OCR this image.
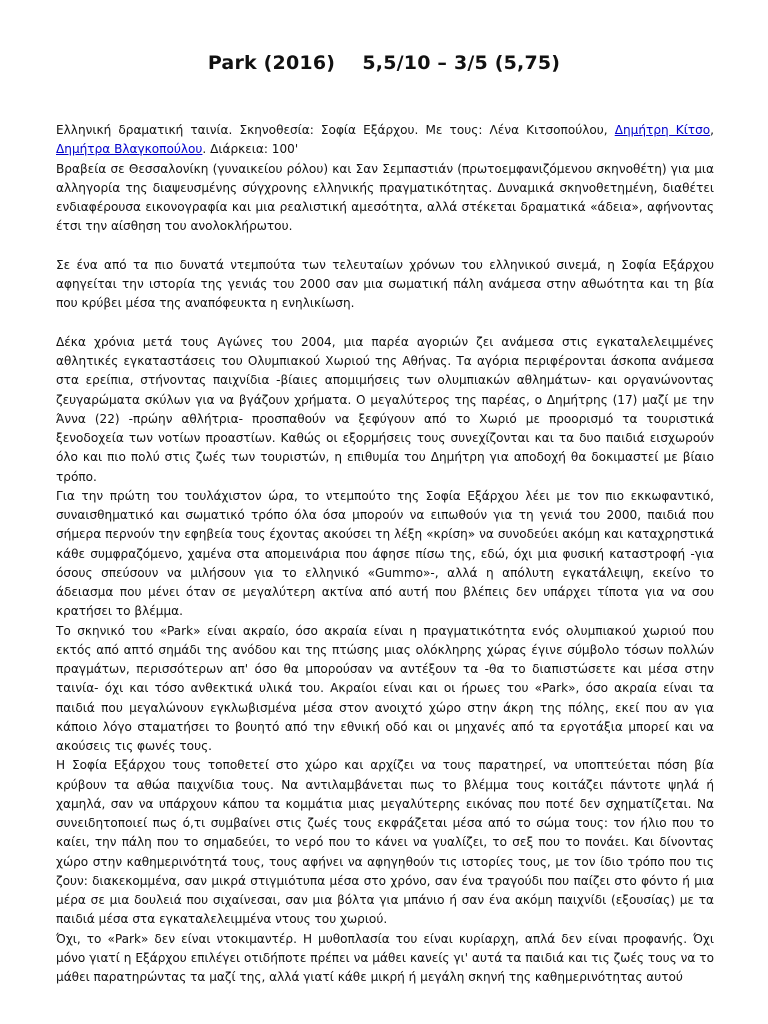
Park (2016)    5,5/10 – 3/5 (5,75)

Ελληνική δραματική ταινία. Σκηνοθεσία: Σοφία Εξάρχου. Με τους: Λένα Κιτσοπούλου, Δημήτρη Κίτσο, Δημήτρα Βλαγκοπούλου. Διάρκεια: 100'

Βραβεία σε Θεσσαλονίκη (γυναικείου ρόλου) και Σαν Σεμπαστιάν (πρωτοεμφανιζόμενου σκηνοθέτη) για μια αλληγορία της διαψευσμένης σύγχρονης ελληνικής πραγματικότητας. Δυναμικά σκηνοθετημένη, διαθέτει ενδιαφέρουσα εικονογραφία και μια ρεαλιστική αμεσότητα, αλλά στέκεται δραματικά «άδεια», αφήνοντας έτσι την αίσθηση του ανολοκλήρωτου.

Σε ένα από τα πιο δυνατά ντεμπούτα των τελευταίων χρόνων του ελληνικού σινεμά, η Σοφία Εξάρχου αφηγείται την ιστορία της γενιάς του 2000 σαν μια σωματική πάλη ανάμεσα στην αθωότητα και τη βία που κρύβει μέσα της αναπόφευκτα η ενηλικίωση.

Δέκα χρόνια μετά τους Αγώνες του 2004, μια παρέα αγοριών ζει ανάμεσα στις εγκαταλελειμμένες αθλητικές εγκαταστάσεις του Ολυμπιακού Χωριού της Αθήνας. Τα αγόρια περιφέρονται άσκοπα ανάμεσα στα ερείπια, στήνοντας παιχνίδια -βίαιες απομιμήσεις των ολυμπιακών αθλημάτων- και οργανώνοντας ζευγαρώματα σκύλων για να βγάζουν χρήματα. Ο μεγαλύτερος της παρέας, ο Δημήτρης (17) μαζί με την Άννα (22) -πρώην αθλήτρια- προσπαθούν να ξεφύγουν από το Χωριό με προορισμό τα τουριστικά ξενοδοχεία των νοτίων προαστίων. Καθώς οι εξορμήσεις τους συνεχίζονται και τα δυο παιδιά εισχωρούν όλο και πιο πολύ στις ζωές των τουριστών, η επιθυμία του Δημήτρη για αποδοχή θα δοκιμαστεί με βίαιο τρόπο.

Για την πρώτη του τουλάχιστον ώρα, το ντεμπούτο της Σοφία Εξάρχου λέει με τον πιο εκκωφαντικό, συναισθηματικό και σωματικό τρόπο όλα όσα μπορούν να ειπωθούν για τη γενιά του 2000, παιδιά που σήμερα περνούν την εφηβεία τους έχοντας ακούσει τη λέξη «κρίση» να συνοδεύει ακόμη και καταχρηστικά κάθε συμφραζόμενο, χαμένα στα απομεινάρια που άφησε πίσω της, εδώ, όχι μια φυσική καταστροφή -για όσους σπεύσουν να μιλήσουν για το ελληνικό «Gummo»-, αλλά η απόλυτη εγκατάλειψη, εκείνο το άδειασμα που μένει όταν σε μεγαλύτερη ακτίνα από αυτή που βλέπεις δεν υπάρχει τίποτα για να σου κρατήσει το βλέμμα.

Το σκηνικό του «Park» είναι ακραίο, όσο ακραία είναι η πραγματικότητα ενός ολυμπιακού χωριού που εκτός από απτό σημάδι της ανόδου και της πτώσης μιας ολόκληρης χώρας έγινε σύμβολο τόσων πολλών πραγμάτων, περισσότερων απ' όσο θα μπορούσαν να αντέξουν τα -θα το διαπιστώσετε και μέσα στην ταινία- όχι και τόσο ανθεκτικά υλικά του. Ακραίοι είναι και οι ήρωες του «Park», όσο ακραία είναι τα παιδιά που μεγαλώνουν εγκλωβισμένα μέσα στον ανοιχτό χώρο στην άκρη της πόλης, εκεί που αν για κάποιο λόγο σταματήσει το βουητό από την εθνική οδό και οι μηχανές από τα εργοτάξια μπορεί και να ακούσεις τις φωνές τους.

Η Σοφία Εξάρχου τους τοποθετεί στο χώρο και αρχίζει να τους παρατηρεί, να υποπτεύεται πόση βία κρύβουν τα αθώα παιχνίδια τους. Να αντιλαμβάνεται πως το βλέμμα τους κοιτάζει πάντοτε ψηλά ή χαμηλά, σαν να υπάρχουν κάπου τα κομμάτια μιας μεγαλύτερης εικόνας που ποτέ δεν σχηματίζεται. Να συνειδητοποιεί πως ό,τι συμβαίνει στις ζωές τους εκφράζεται μέσα από το σώμα τους: τον ήλιο που το καίει, την πάλη που το σημαδεύει, το νερό που το κάνει να γυαλίζει, το σεξ που το πονάει. Και δίνοντας χώρο στην καθημερινότητά τους, τους αφήνει να αφηγηθούν τις ιστορίες τους, με τον ίδιο τρόπο που τις ζουν: διακεκομμένα, σαν μικρά στιγμιότυπα μέσα στο χρόνο, σαν ένα τραγούδι που παίζει στο φόντο ή μια μέρα σε μια δουλειά που σιχαίνεσαι, σαν μια βόλτα για μπάνιο ή σαν ένα ακόμη παιχνίδι (εξουσίας) με τα παιδιά μέσα στα εγκαταλελειμμένα ντους του χωριού.

Όχι, το «Park» δεν είναι ντοκιμαντέρ. Η μυθοπλασία του είναι κυρίαρχη, απλά δεν είναι προφανής. Όχι μόνο γιατί η Εξάρχου επιλέγει οτιδήποτε πρέπει να μάθει κανείς γι' αυτά τα παιδιά και τις ζωές τους να το μάθει παρατηρώντας τα μαζί της, αλλά γιατί κάθε μικρή ή μεγάλη σκηνή της καθημερινότητας αυτού
